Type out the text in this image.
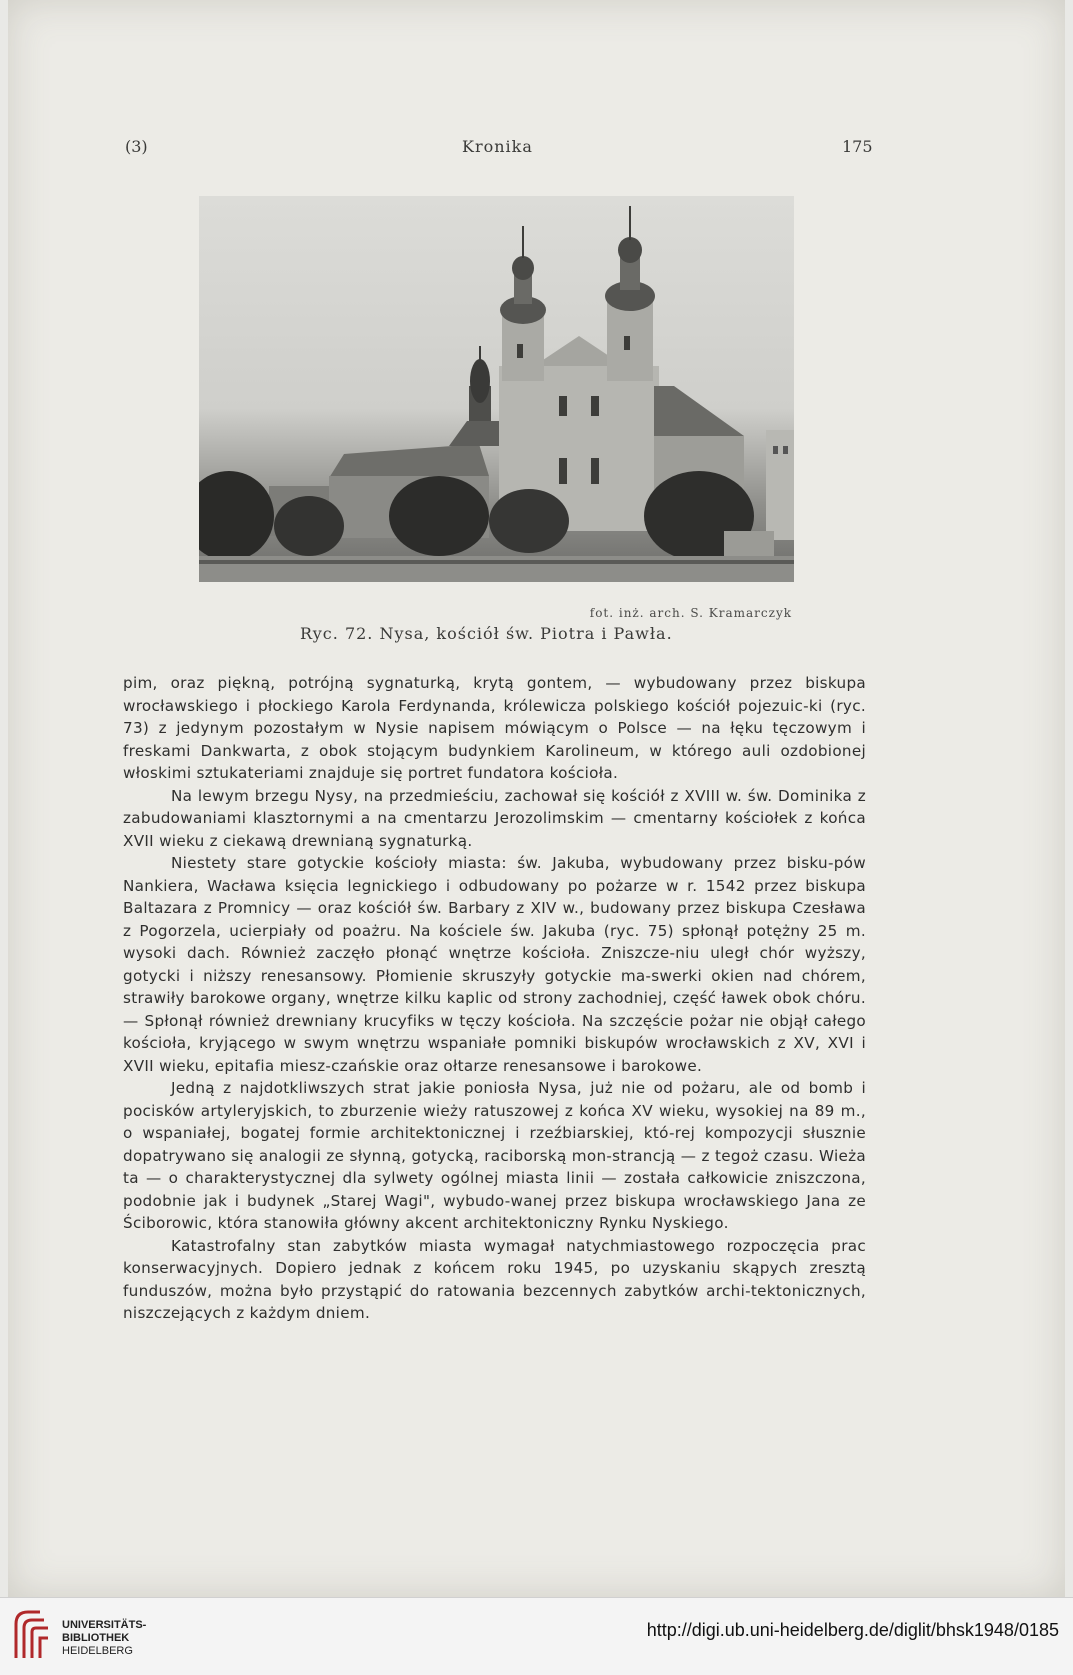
(3)	Kronika	175
fot. inż. arch. S. Kramarczyk
Ryc. 72. Nysa, kościół św. Piotra i Pawła.

pim, oraz piękną, potrójną sygnaturką, krytą gontem, — wybudowany przez biskupa wrocławskiego i płockiego Karola Ferdynanda, królewicza polskiego kościół pojezuic-ki (ryc. 73) z jedynym pozostałym w Nysie napisem mówiącym o Polsce — na łęku tęczowym i freskami Dankwarta, z obok stojącym budynkiem Karolineum, w którego auli ozdobionej włoskimi sztukateriami znajduje się portret fundatora kościoła.

Na lewym brzegu Nysy, na przedmieściu, zachował się kościół z XVIII w. św. Dominika z zabudowaniami klasztornymi a na cmentarzu Jerozolimskim — cmentarny kościołek z końca XVII wieku z ciekawą drewnianą sygnaturką.

Niestety stare gotyckie kościoły miasta: św. Jakuba, wybudowany przez bisku-pów Nankiera, Wacława księcia legnickiego i odbudowany po pożarze w r. 1542 przez biskupa Baltazara z Promnicy — oraz kościół św. Barbary z XIV w., budowany przez biskupa Czesława z Pogorzela, ucierpiały od poażru. Na kościele św. Jakuba (ryc. 75) spłonął potężny 25 m. wysoki dach. Również zaczęło płonąć wnętrze kościoła. Zniszcze-niu uległ chór wyższy, gotycki i niższy renesansowy. Płomienie skruszyły gotyckie ma-swerki okien nad chórem, strawiły barokowe organy, wnętrze kilku kaplic od strony zachodniej, część ławek obok chóru. — Spłonął również drewniany krucyfiks w tęczy kościoła. Na szczęście pożar nie objął całego kościoła, kryjącego w swym wnętrzu wspaniałe pomniki biskupów wrocławskich z XV, XVI i XVII wieku, epitafia miesz-czańskie oraz ołtarze renesansowe i barokowe.

Jedną z najdotkliwszych strat jakie poniosła Nysa, już nie od pożaru, ale od bomb i pocisków artyleryjskich, to zburzenie wieży ratuszowej z końca XV wieku, wysokiej na 89 m., o wspaniałej, bogatej formie architektonicznej i rzeźbiarskiej, któ-rej kompozycji słusznie dopatrywano się analogii ze słynną, gotycką, raciborską mon-strancją — z tegoż czasu. Wieża ta — o charakterystycznej dla sylwety ogólnej miasta linii — została całkowicie zniszczona, podobnie jak i budynek „Starej Wagi", wybudo-wanej przez biskupa wrocławskiego Jana ze Ściborowic, która stanowiła główny akcent architektoniczny Rynku Nyskiego.

Katastrofalny stan zabytków miasta wymagał natychmiastowego rozpoczęcia prac konserwacyjnych. Dopiero jednak z końcem roku 1945, po uzyskaniu skąpych zresztą funduszów, można było przystąpić do ratowania bezcennych zabytków archi-tektonicznych, niszczejących z każdym dniem.

UNIVERSITÄTS-
BIBLIOTHEK
HEIDELBERG
http://digi.ub.uni-heidelberg.de/diglit/bhsk1948/0185
